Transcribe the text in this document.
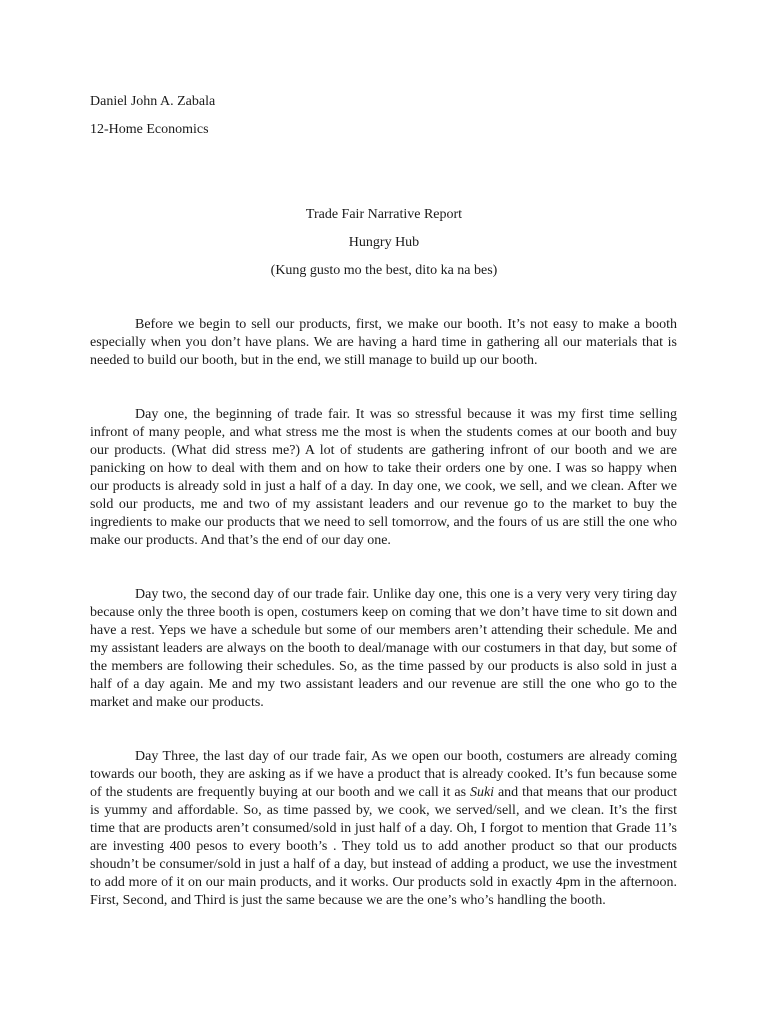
Daniel John A. Zabala
12-Home Economics
Trade Fair Narrative Report
Hungry Hub
(Kung gusto mo the best, dito ka na bes)

Before we begin to sell our products, first, we make our booth. It’s not easy to make a booth especially when you don’t have plans. We are having a hard time in gathering all our materials that is needed to build our booth, but in the end, we still manage to build up our booth.

Day one, the beginning of trade fair. It was so stressful because it was my first time selling infront of many people, and what stress me the most is when the students comes at our booth and buy our products. (What did stress me?) A lot of students are gathering infront of our booth and we are panicking on how to deal with them and on how to take their orders one by one. I was so happy when our products is already sold in just a half of a day. In day one, we cook, we sell, and we clean. After we sold our products, me and two of my assistant leaders and our revenue go to the market to buy the ingredients to make our products that we need to sell tomorrow, and the fours of us are still the one who make our products. And that’s the end of our day one.

Day two, the second day of our trade fair. Unlike day one, this one is a very very very tiring day because only the three booth is open, costumers keep on coming that we don’t have time to sit down and have a rest. Yeps we have a schedule but some of our members aren’t attending their schedule. Me and my assistant leaders are always on the booth to deal/manage with our costumers in that day, but some of the members are following their schedules. So, as the time passed by our products is also sold in just a half of a day again. Me and my two assistant leaders and our revenue are still the one who go to the market and make our products.

Day Three, the last day of our trade fair, As we open our booth, costumers are already coming towards our booth, they are asking as if we have a product that is already cooked. It’s fun because some of the students are frequently buying at our booth and we call it as Suki and that means that our product is yummy and affordable. So, as time passed by, we cook, we served/sell, and we clean. It’s the first time that are products aren’t consumed/sold in just half of a day. Oh, I forgot to mention that Grade 11’s are investing 400 pesos to every booth’s . They told us to add another product so that our products shoudn’t be consumer/sold in just a half of a day, but instead of adding a product, we use the investment to add more of it on our main products, and it works. Our products sold in exactly 4pm in the afternoon. First, Second, and Third is just the same because we are the one’s who’s handling the booth.
